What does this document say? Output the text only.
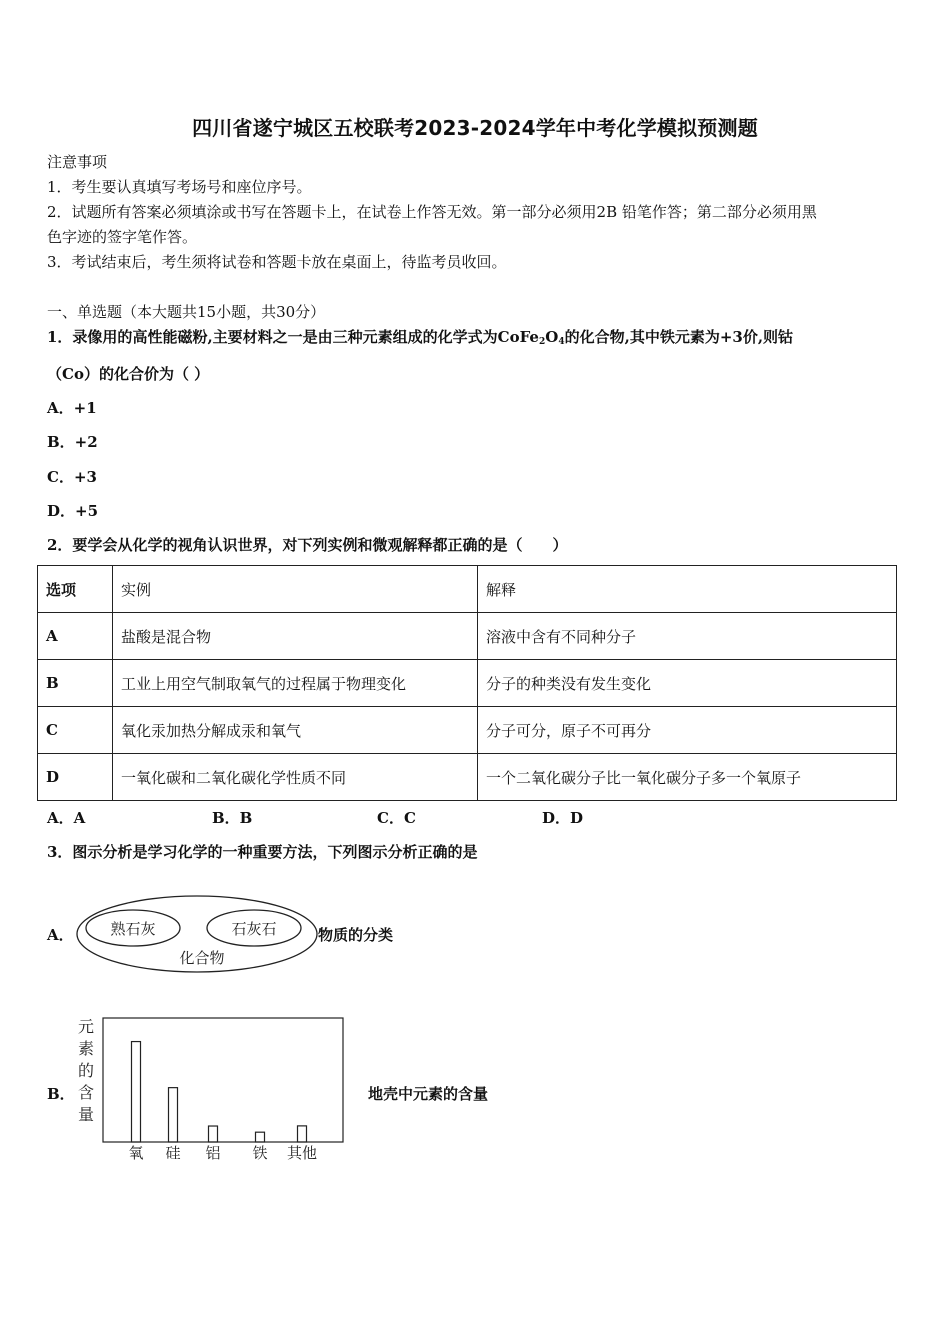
四川省遂宁城区五校联考2023-2024学年中考化学模拟预测题
注意事项
1．考生要认真填写考场号和座位序号。
2．试题所有答案必须填涂或书写在答题卡上，在试卷上作答无效。第一部分必须用2B 铅笔作答；第二部分必须用黑
色字迹的签字笔作答。
3．考试结束后，考生须将试卷和答题卡放在桌面上，待监考员收回。
一、单选题（本大题共15小题，共30分）
1．录像用的高性能磁粉,主要材料之一是由三种元素组成的化学式为$CoFe_2O_4$的化合物,其中铁元素为+3价,则钴
（Co）的化合价为（ ）
A．+1
B．+2
C．+3
D．+5
2．要学会从化学的视角认识世界，对下列实例和微观解释都正确的是（　　）
选项	实例	解释
A	盐酸是混合物	溶液中含有不同种分子
B	工业上用空气制取氧气的过程属于物理变化	分子的种类没有发生变化
C	氧化汞加热分解成汞和氧气	分子可分，原子不可再分
D	一氧化碳和二氧化碳化学性质不同	一个二氧化碳分子比一氧化碳分子多一个氧原子
A．A	B．B	C．C	D．D
3．图示分析是学习化学的一种重要方法，下列图示分析正确的是
A． 熟石灰	石灰石
化合物
物质的分类
B．
元素的含量
氧 硅 铝 铁 其他
地壳中元素的含量
